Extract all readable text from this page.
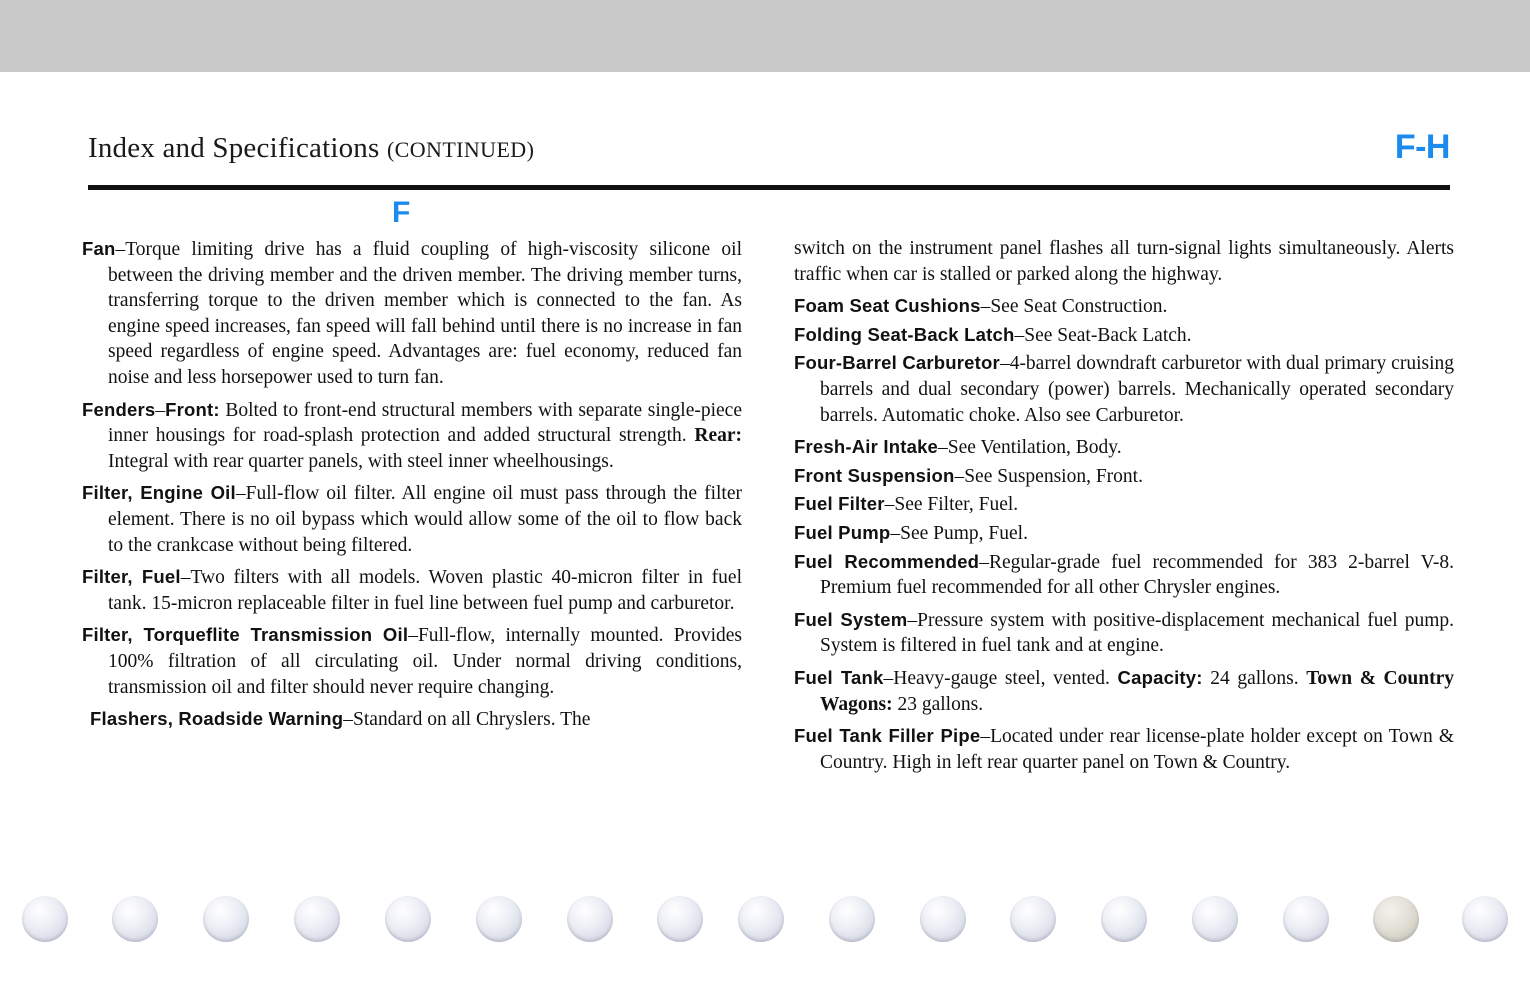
Index and Specifications (CONTINUED)	F-H
F

Fan–Torque limiting drive has a fluid coupling of high-viscosity silicone oil between the driving member and the driven member. The driving member turns, transferring torque to the driven member which is connected to the fan. As engine speed increases, fan speed will fall behind until there is no increase in fan speed regardless of engine speed. Advantages are: fuel economy, reduced fan noise and less horsepower used to turn fan.

Fenders–Front: Bolted to front-end structural members with separate single-piece inner housings for road-splash protection and added structural strength. Rear: Integral with rear quarter panels, with steel inner wheelhousings.

Filter, Engine Oil–Full-flow oil filter. All engine oil must pass through the filter element. There is no oil bypass which would allow some of the oil to flow back to the crankcase without being filtered.

Filter, Fuel–Two filters with all models. Woven plastic 40-micron filter in fuel tank. 15-micron replaceable filter in fuel line between fuel pump and carburetor.

Filter, Torqueflite Transmission Oil–Full-flow, internally mounted. Provides 100% filtration of all circulating oil. Under normal driving conditions, transmission oil and filter should never require changing.

Flashers, Roadside Warning–Standard on all Chryslers. The

switch on the instrument panel flashes all turn-signal lights simultaneously. Alerts traffic when car is stalled or parked along the highway.

Foam Seat Cushions–See Seat Construction.

Folding Seat-Back Latch–See Seat-Back Latch.

Four-Barrel Carburetor–4-barrel downdraft carburetor with dual primary cruising barrels and dual secondary (power) barrels. Mechanically operated secondary barrels. Automatic choke. Also see Carburetor.

Fresh-Air Intake–See Ventilation, Body.

Front Suspension–See Suspension, Front.

Fuel Filter–See Filter, Fuel.

Fuel Pump–See Pump, Fuel.

Fuel Recommended–Regular-grade fuel recommended for 383 2-barrel V-8. Premium fuel recommended for all other Chrysler engines.

Fuel System–Pressure system with positive-displacement mechanical fuel pump. System is filtered in fuel tank and at engine.

Fuel Tank–Heavy-gauge steel, vented. Capacity: 24 gallons. Town & Country Wagons: 23 gallons.

Fuel Tank Filler Pipe–Located under rear license-plate holder except on Town & Country. High in left rear quarter panel on Town & Country.
